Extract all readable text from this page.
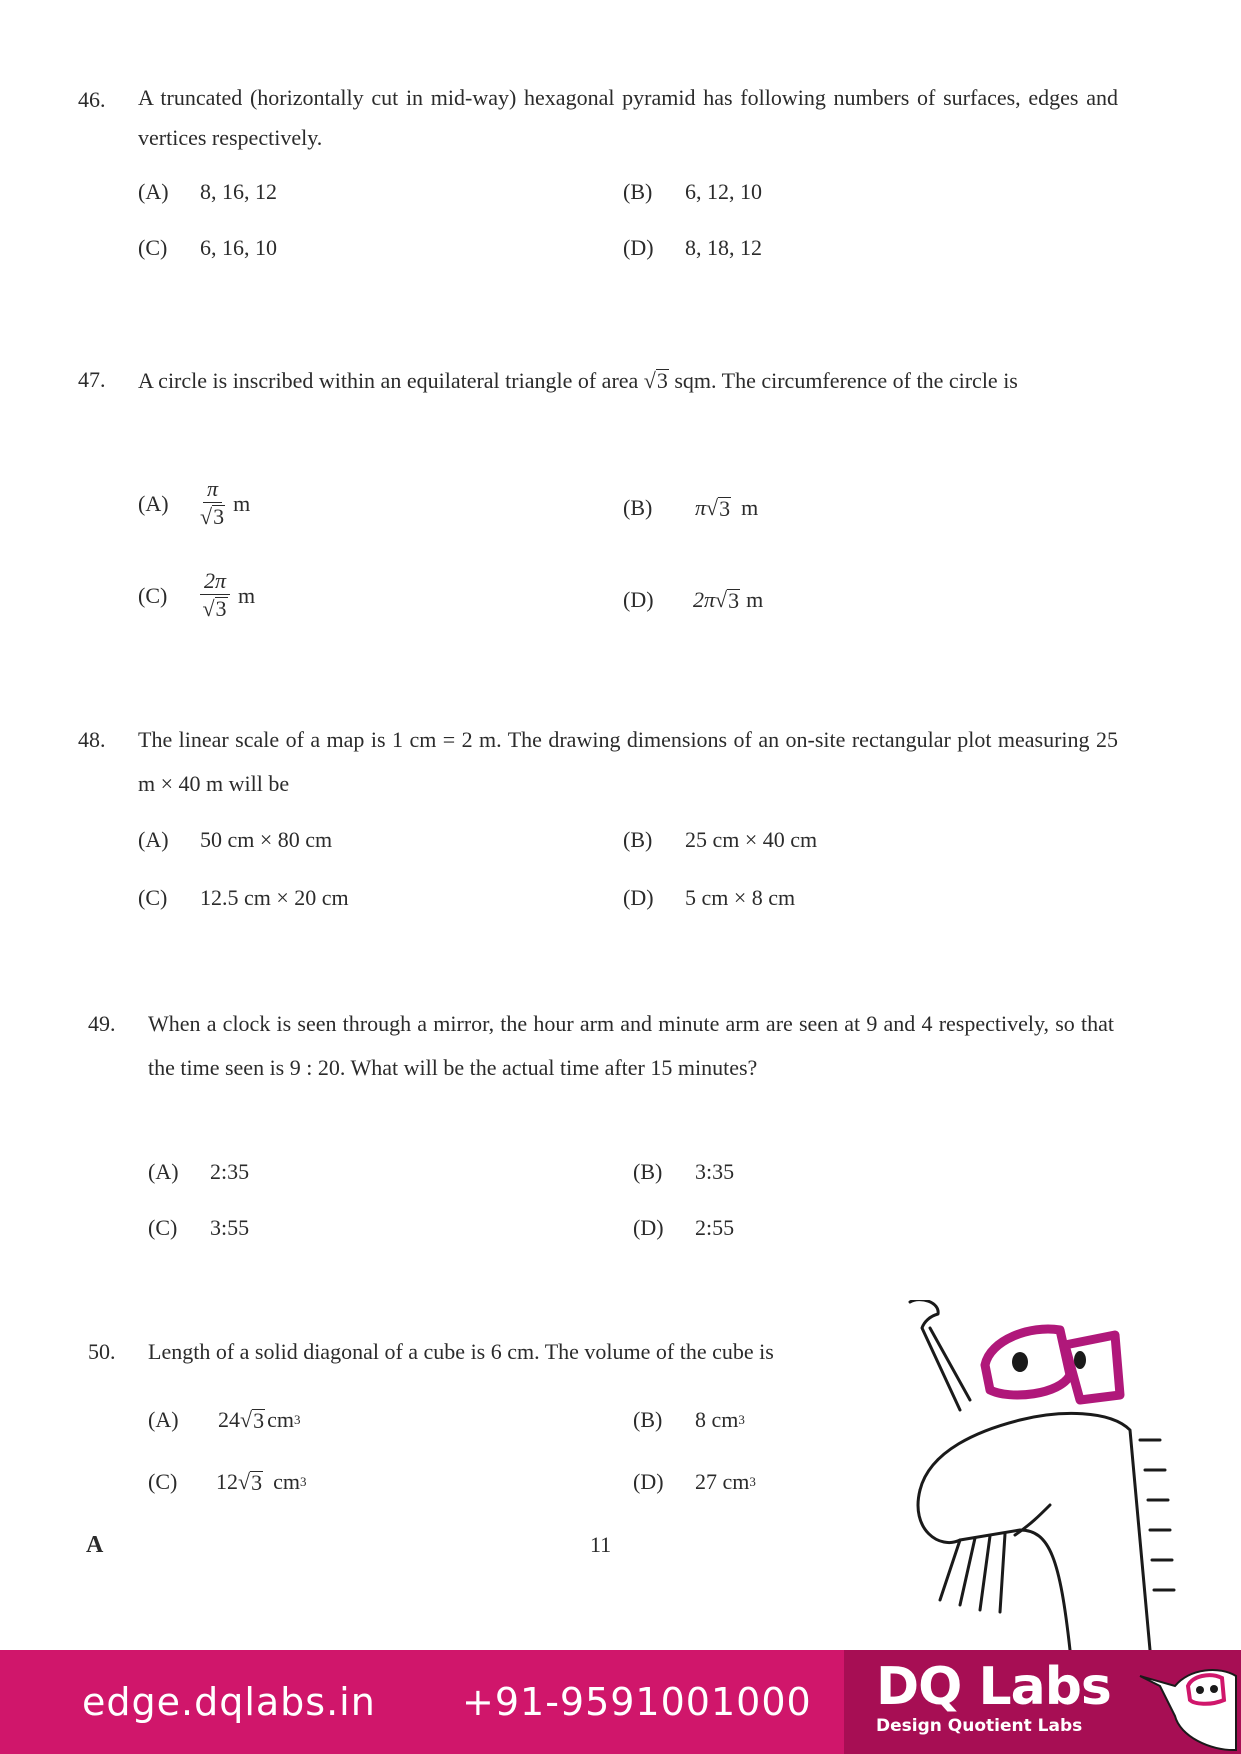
46. A truncated (horizontally cut in mid-way) hexagonal pyramid has following numbers of surfaces, edges and vertices respectively.
(A)	8, 16, 12	(B)	6, 12, 10
(C)	6, 16, 10	(D)	8, 18, 12
47. A circle is inscribed within an equilateral triangle of area √3 sqm. The circumference of the circle is
(A)	$\frac{\pi}{√3}$ m	(B)	π √ 3 m
(C)	$\frac{2\pi}{√3}$ m	(D)	2π √ 3 m
48. The linear scale of a map is 1 cm = 2 m. The drawing dimensions of an on-site rectangular plot measuring 25 m × 40 m will be
(A)	50 cm × 80 cm	(B)	25 cm × 40 cm
(C)	12.5 cm × 20 cm	(D)	5 cm × 8 cm
49. When a clock is seen through a mirror, the hour arm and minute arm are seen at 9 and 4 respectively, so that the time seen is 9 : 20. What will be the actual time after 15 minutes?
(A)	2:35	(B)	3:35
(C)	3:55	(D)	2:55
50. Length of a solid diagonal of a cube is 6 cm. The volume of the cube is
(A)	24 √ 3 cm 3	(B)	8 cm 3
(C)	12 √ 3 cm 3	(D)	27 cm 3
A	11
edge.dqlabs.in +91-9591001000 DQ Labs
Design Quotient Labs
